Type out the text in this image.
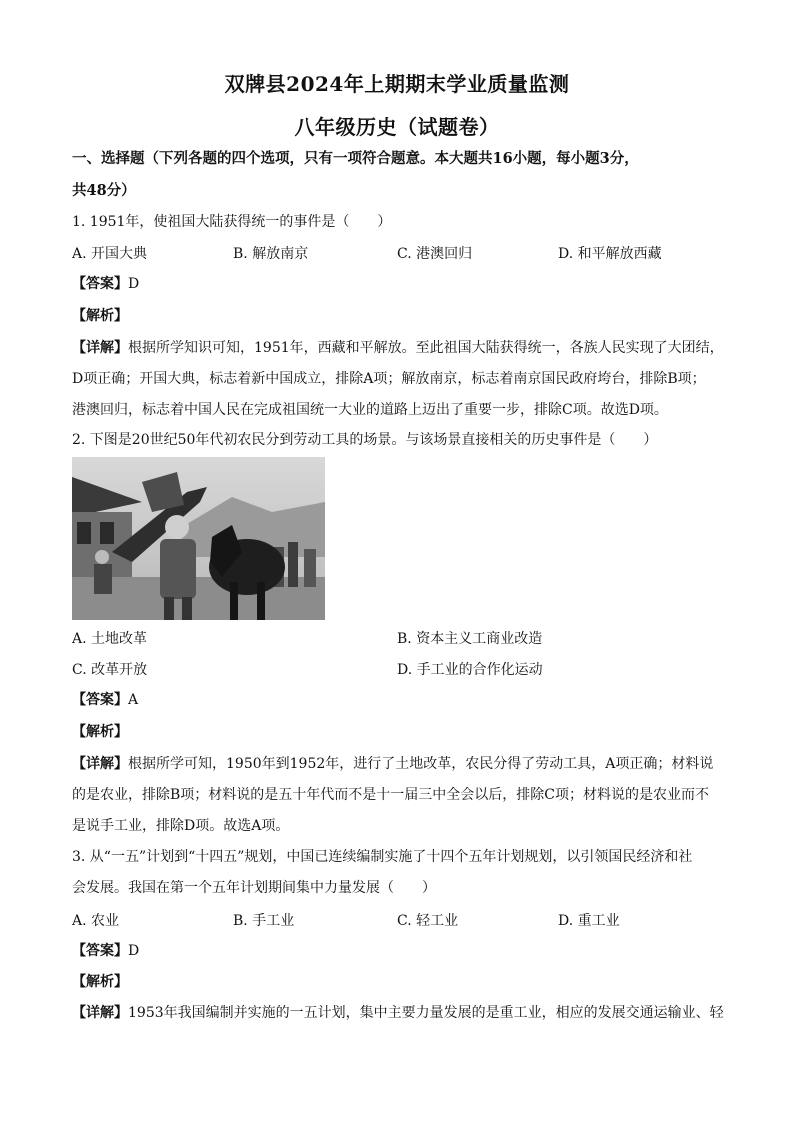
双牌县2024年上期期末学业质量监测
八年级历史（试题卷）
一、选择题（下列各题的四个选项，只有一项符合题意。本大题共16小题，每小题3分，
共48分）
1. 1951年，使祖国大陆获得统一的事件是（　　）
A. 开国大典	B. 解放南京	C. 港澳回归	D. 和平解放西藏
【答案】D
【解析】
【详解】根据所学知识可知，1951年，西藏和平解放。至此祖国大陆获得统一，各族人民实现了大团结，
D项正确；开国大典，标志着新中国成立，排除A项；解放南京，标志着南京国民政府垮台，排除B项；
港澳回归，标志着中国人民在完成祖国统一大业的道路上迈出了重要一步，排除C项。故选D项。
2. 下图是20世纪50年代初农民分到劳动工具的场景。与该场景直接相关的历史事件是（　　）
A. 土地改革	B. 资本主义工商业改造
C. 改革开放	D. 手工业的合作化运动
【答案】A
【解析】
【详解】根据所学可知，1950年到1952年，进行了土地改革，农民分得了劳动工具，A项正确；材料说
的是农业，排除B项；材料说的是五十年代而不是十一届三中全会以后，排除C项；材料说的是农业而不
是说手工业，排除D项。故选A项。
3. 从“一五”计划到“十四五”规划，中国已连续编制实施了十四个五年计划规划，以引领国民经济和社
会发展。我国在第一个五年计划期间集中力量发展（　　）
A. 农业	B. 手工业	C. 轻工业	D. 重工业
【答案】D
【解析】
【详解】1953年我国编制并实施的一五计划，集中主要力量发展的是重工业，相应的发展交通运输业、轻
